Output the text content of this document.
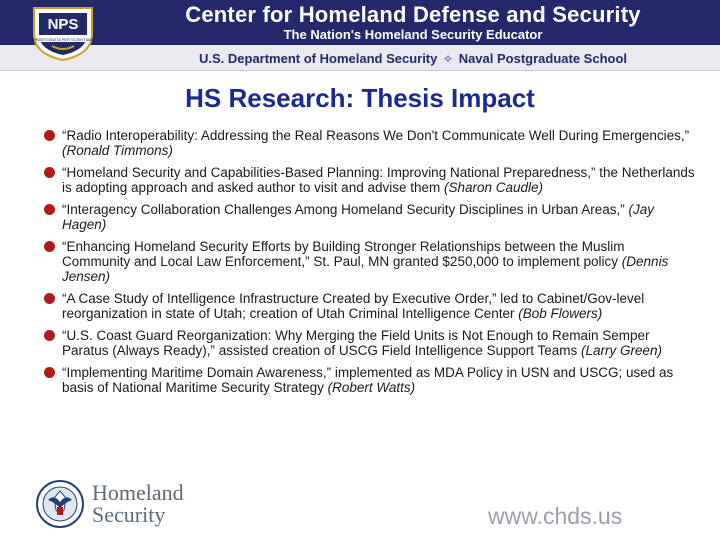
NPS
PRAESTANTIA PER SCIENTIAM
Center for Homeland Defense and Security
The Nation's Homeland Security Educator
U.S. Department of Homeland Security ✧ Naval Postgraduate School
HS Research: Thesis Impact
“Radio Interoperability: Addressing the Real Reasons We Don't Communicate Well During Emergencies,” (Ronald Timmons)
“Homeland Security and Capabilities-Based Planning: Improving National Preparedness,” the Netherlands is adopting approach and asked author to visit and advise them (Sharon Caudle)
“Interagency Collaboration Challenges Among Homeland Security Disciplines in Urban Areas,” (Jay Hagen)
“Enhancing Homeland Security Efforts by Building Stronger Relationships between the Muslim Community and Local Law Enforcement,” St. Paul, MN granted $250,000 to implement policy (Dennis Jensen)
“A Case Study of Intelligence Infrastructure Created by Executive Order,” led to Cabinet/Gov-level reorganization in state of Utah; creation of Utah Criminal Intelligence Center (Bob Flowers)
“U.S. Coast Guard Reorganization: Why Merging the Field Units is Not Enough to Remain Semper Paratus (Always Ready),” assisted creation of USCG Field Intelligence Support Teams (Larry Green)
“Implementing Maritime Domain Awareness,” implemented as MDA Policy in USN and USCG; used as basis of National Maritime Security Strategy (Robert Watts)
Homeland
Security	www.chds.us
